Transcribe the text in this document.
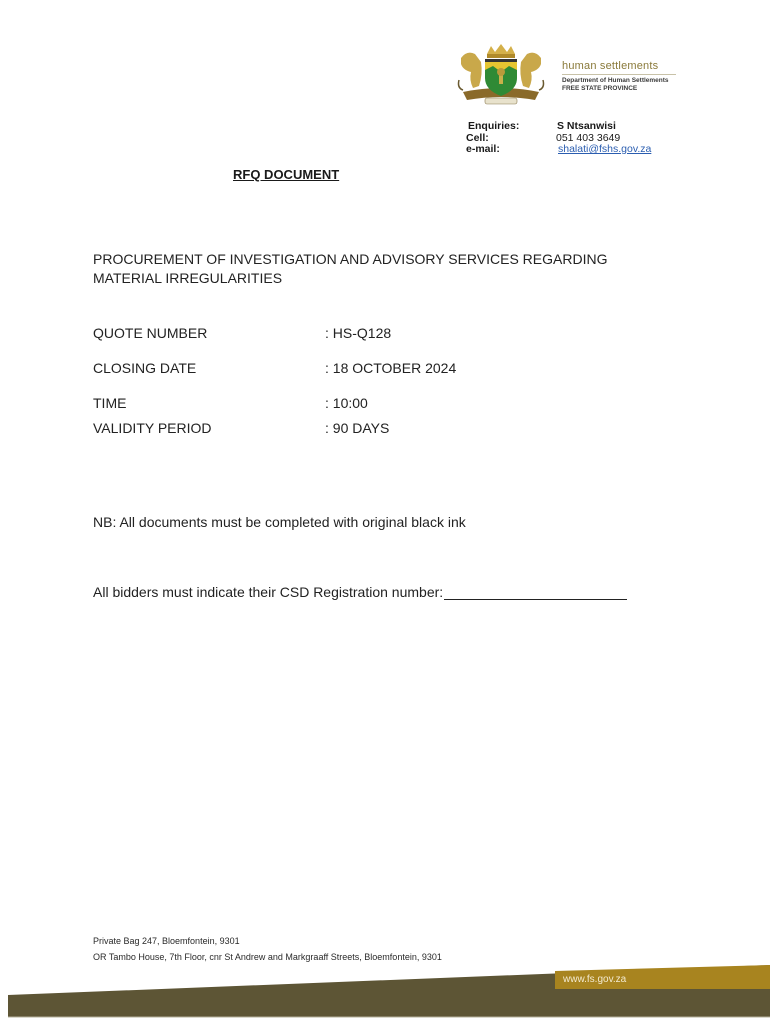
human settlements
Department of Human Settlements
FREE STATE PROVINCE
Enquiries:	S Ntsanwisi
Cell:	051 403 3649
e-mail:	shalati@fshs.gov.za
RFQ DOCUMENT
PROCUREMENT OF INVESTIGATION AND ADVISORY SERVICES REGARDING
MATERIAL IRREGULARITIES
QUOTE NUMBER	: HS-Q128
CLOSING DATE	: 18 OCTOBER 2024
TIME	: 10:00
VALIDITY PERIOD	: 90 DAYS
NB: All documents must be completed with original black ink
All bidders must indicate their CSD Registration number:
Private Bag 247, Bloemfontein, 9301
OR Tambo House, 7th Floor, cnr St Andrew and Markgraaff Streets, Bloemfontein, 9301
www.fs.gov.za
